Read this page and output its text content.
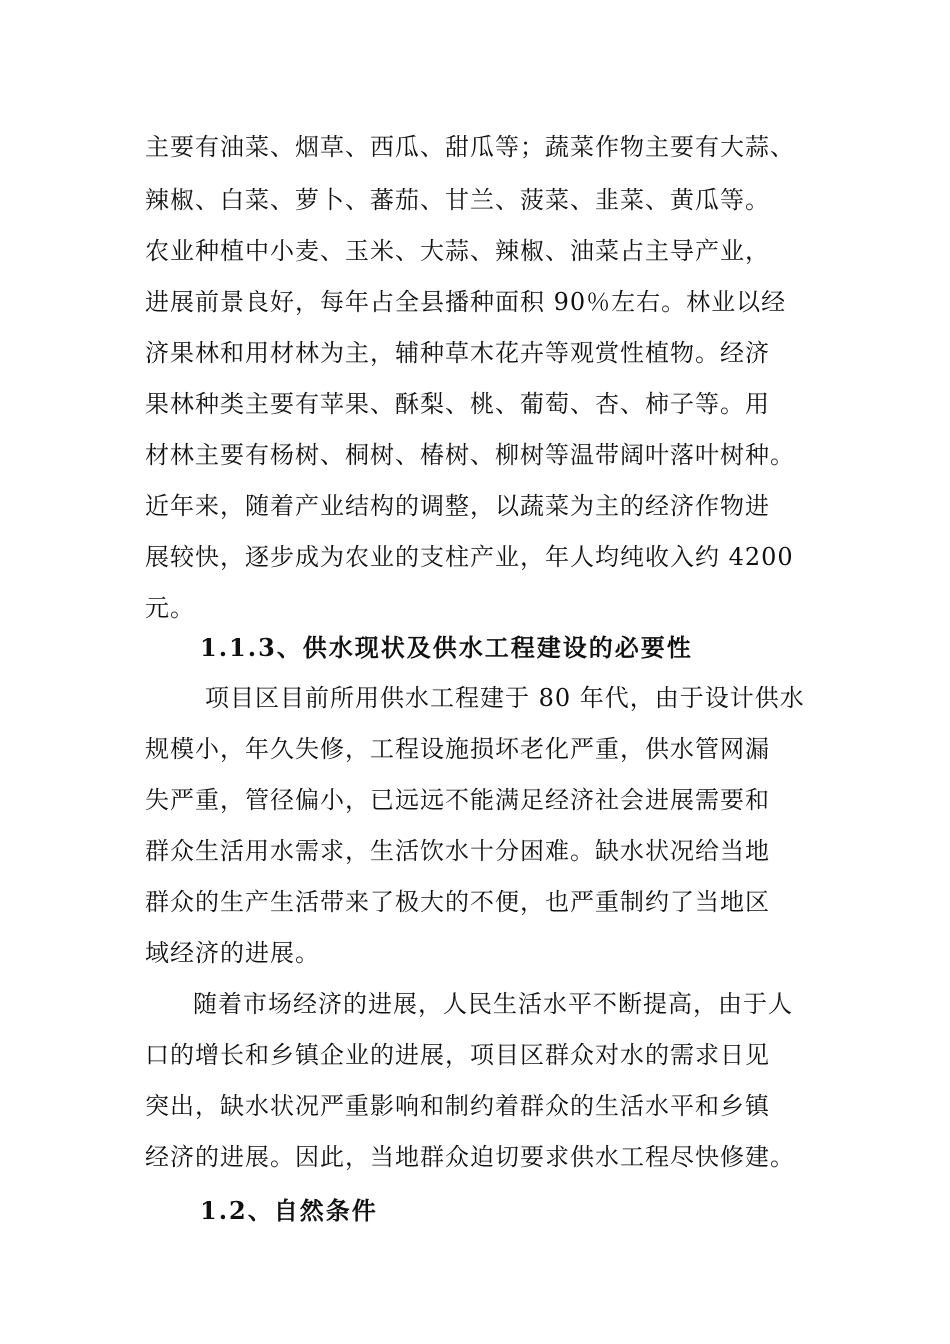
主要有油菜、烟草、西瓜、甜瓜等；蔬菜作物主要有大蒜、
辣椒、白菜、萝卜、蕃茄、甘兰、菠菜、韭菜、黄瓜等。
农业种植中小麦、玉米、大蒜、辣椒、油菜占主导产业，
进展前景良好，每年占全县播种面积 90％左右。林业以经
济果林和用材林为主，辅种草木花卉等观赏性植物。经济
果林种类主要有苹果、酥梨、桃、葡萄、杏、柿子等。用
材林主要有杨树、桐树、椿树、柳树等温带阔叶落叶树种。
近年来，随着产业结构的调整，以蔬菜为主的经济作物进
展较快，逐步成为农业的支柱产业，年人均纯收入约 4200
元。
1.1.3、供水现状及供水工程建设的必要性
项目区目前所用供水工程建于 80 年代，由于设计供水
规模小，年久失修，工程设施损坏老化严重，供水管网漏
失严重，管径偏小，已远远不能满足经济社会进展需要和
群众生活用水需求，生活饮水十分困难。缺水状况给当地
群众的生产生活带来了极大的不便，也严重制约了当地区
域经济的进展。
随着市场经济的进展，人民生活水平不断提高，由于人
口的增长和乡镇企业的进展，项目区群众对水的需求日见
突出，缺水状况严重影响和制约着群众的生活水平和乡镇
经济的进展。因此，当地群众迫切要求供水工程尽快修建。
1.2、自然条件
